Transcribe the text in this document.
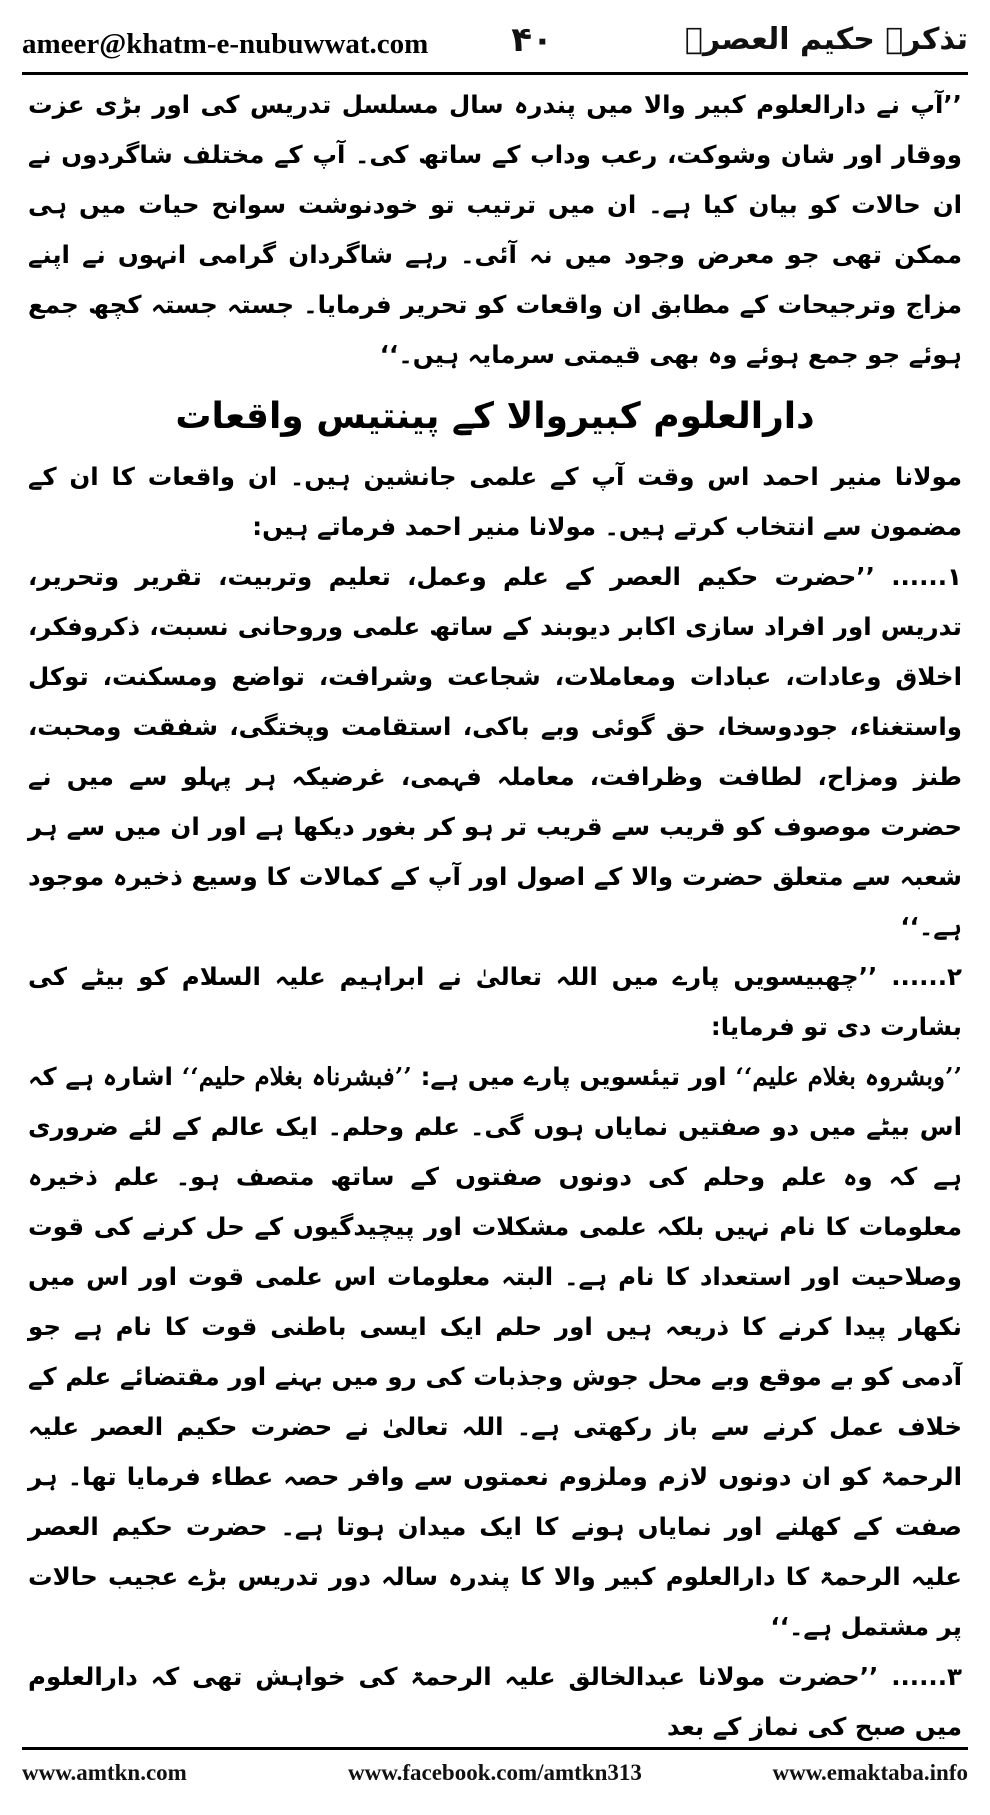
ameer@khatm-e-nubuwwat.com	۴۰	تذکرہ حکیم العصرؒ

’’آپ نے دارالعلوم کبیر والا میں پندرہ سال مسلسل تدریس کی اور بڑی عزت ووقار اور شان وشوکت، رعب وداب کے ساتھ کی۔ آپ کے مختلف شاگردوں نے ان حالات کو بیان کیا ہے۔ ان میں ترتیب تو خودنوشت سوانح حیات میں ہی ممکن تھی جو معرض وجود میں نہ آئی۔ رہے شاگردان گرامی انہوں نے اپنے مزاج وترجیحات کے مطابق ان واقعات کو تحریر فرمایا۔ جستہ جستہ کچھ جمع ہوئے جو جمع ہوئے وہ بھی قیمتی سرمایہ ہیں۔‘‘

دارالعلوم کبیروالا کے پینتیس واقعات

مولانا منیر احمد اس وقت آپ کے علمی جانشین ہیں۔ ان واقعات کا ان کے مضمون سے انتخاب کرتے ہیں۔ مولانا منیر احمد فرماتے ہیں:

۱...... ’’حضرت حکیم العصر کے علم وعمل، تعلیم وتربیت، تقریر وتحریر، تدریس اور افراد سازی اکابر دیوبند کے ساتھ علمی وروحانی نسبت، ذکروفکر، اخلاق وعادات، عبادات ومعاملات، شجاعت وشرافت، تواضع ومسکنت، توکل واستغناء، جودوسخا، حق گوئی وبے باکی، استقامت وپختگی، شفقت ومحبت، طنز ومزاح، لطافت وظرافت، معاملہ فہمی، غرضیکہ ہر پہلو سے میں نے حضرت موصوف کو قریب سے قریب تر ہو کر بغور دیکھا ہے اور ان میں سے ہر شعبہ سے متعلق حضرت والا کے اصول اور آپ کے کمالات کا وسیع ذخیرہ موجود ہے۔‘‘

۲...... ’’چھبیسویں پارے میں اللہ تعالیٰ نے ابراہیم علیہ السلام کو بیٹے کی بشارت دی تو فرمایا:

’’وبشروہ بغلام علیم‘‘ اور تیئسویں پارے میں ہے: ’’فبشرناہ بغلام حلیم‘‘ اشارہ ہے کہ اس بیٹے میں دو صفتیں نمایاں ہوں گی۔ علم وحلم۔ ایک عالم کے لئے ضروری ہے کہ وہ علم وحلم کی دونوں صفتوں کے ساتھ متصف ہو۔ علم ذخیرہ معلومات کا نام نہیں بلکہ علمی مشکلات اور پیچیدگیوں کے حل کرنے کی قوت وصلاحیت اور استعداد کا نام ہے۔ البتہ معلومات اس علمی قوت اور اس میں نکھار پیدا کرنے کا ذریعہ ہیں اور حلم ایک ایسی باطنی قوت کا نام ہے جو آدمی کو بے موقع وبے محل جوش وجذبات کی رو میں بہنے اور مقتضائے علم کے خلاف عمل کرنے سے باز رکھتی ہے۔ اللہ تعالیٰ نے حضرت حکیم العصر علیہ الرحمۃ کو ان دونوں لازم وملزوم نعمتوں سے وافر حصہ عطاء فرمایا تھا۔ ہر صفت کے کھلنے اور نمایاں ہونے کا ایک میدان ہوتا ہے۔ حضرت حکیم العصر علیہ الرحمۃ کا دارالعلوم کبیر والا کا پندرہ سالہ دور تدریس بڑے عجیب حالات پر مشتمل ہے۔‘‘

۳...... ’’حضرت مولانا عبدالخالق علیہ الرحمۃ کی خواہش تھی کہ دارالعلوم میں صبح کی نماز کے بعد

www.amtkn.com	www.facebook.com/amtkn313	www.emaktaba.info
